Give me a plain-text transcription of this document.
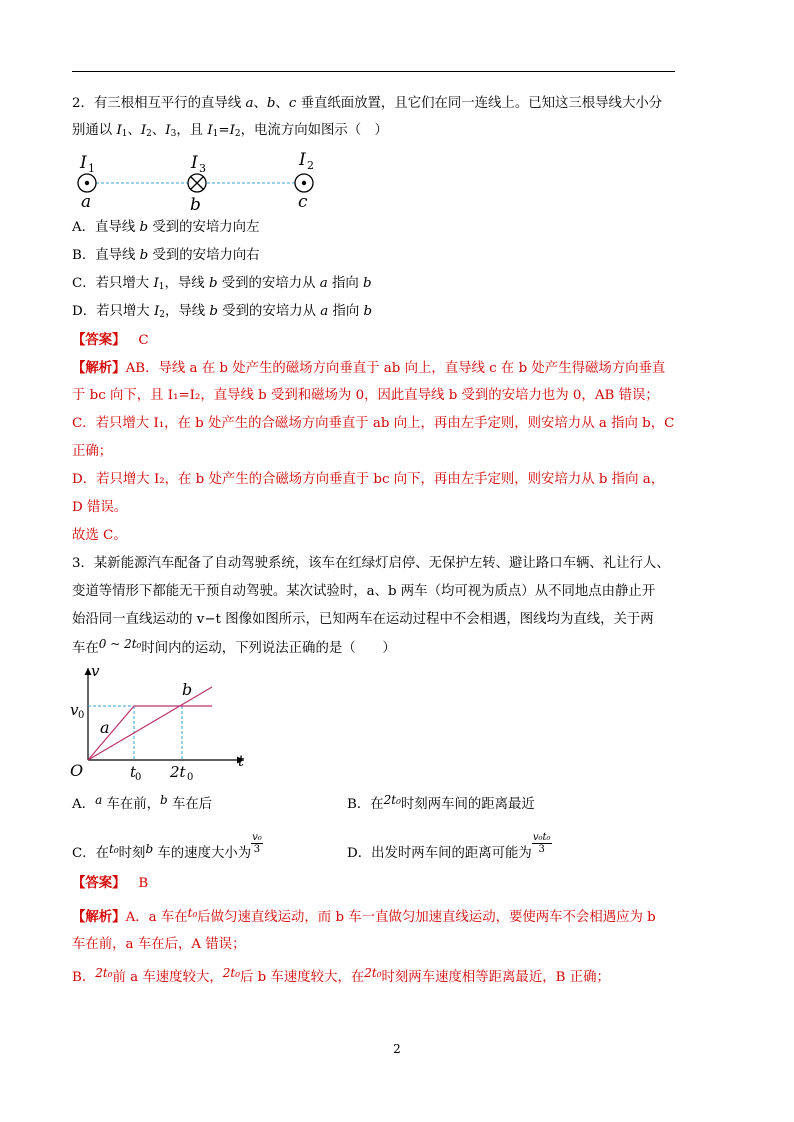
2．有三根相互平行的直导线 a、b、c 垂直纸面放置，且它们在同一连线上。已知这三根导线大小分
别通以 $I_1$、$I_2$、$I_3$，且 $I_1=I_2$，电流方向如图示（　）
I 1	I 3	I 2
a	b	c
A．直导线 b 受到的安培力向左
B．直导线 b 受到的安培力向右
C．若只增大 $I_1$，导线 b 受到的安培力从 a 指向 b
D．若只增大 $I_2$，导线 b 受到的安培力从 a 指向 b
【答案】 C
【解析】AB．导线 a 在 b 处产生的磁场方向垂直于 ab 向上，直导线 c 在 b 处产生得磁场方向垂直
于 bc 向下，且 I₁=I₂，直导线 b 受到和磁场为 0，因此直导线 b 受到的安培力也为 0，AB 错误；
C．若只增大 I₁，在 b 处产生的合磁场方向垂直于 ab 向上，再由左手定则，则安培力从 a 指向 b，C
正确；
D．若只增大 I₂，在 b 处产生的合磁场方向垂直于 bc 向下，再由左手定则，则安培力从 b 指向 a，
D 错误。
故选 C。
3．某新能源汽车配备了自动驾驶系统，该车在红绿灯启停、无保护左转、避让路口车辆、礼让行人、
变道等情形下都能无干预自动驾驶。某次试验时，a、b 两车（均可视为质点）从不同地点由静止开
始沿同一直线运动的 v−t 图像如图所示，已知两车在运动过程中不会相遇，图线均为直线，关于两
车在0 ~ 2t₀时间内的运动，下列说法正确的是（　　）
v
t
O
v 0
t
0 2t 0
a
b
A．a 车在前，b 车在后	B．在2t₀时刻两车间的距离最近
C．在t₀时刻b 车的速度大小为 $\frac{\text{v₀}}{3}$	D．出发时两车间的距离可能为 $\frac{\text{v₀t₀}}{3}$
【答案】 B
【解析】A．a 车在t₀后做匀速直线运动，而 b 车一直做匀加速直线运动，要使两车不会相遇应为 b
车在前，a 车在后，A 错误；
B．2t₀前 a 车速度较大，2t₀后 b 车速度较大，在2t₀时刻两车速度相等距离最近，B 正确；
2
